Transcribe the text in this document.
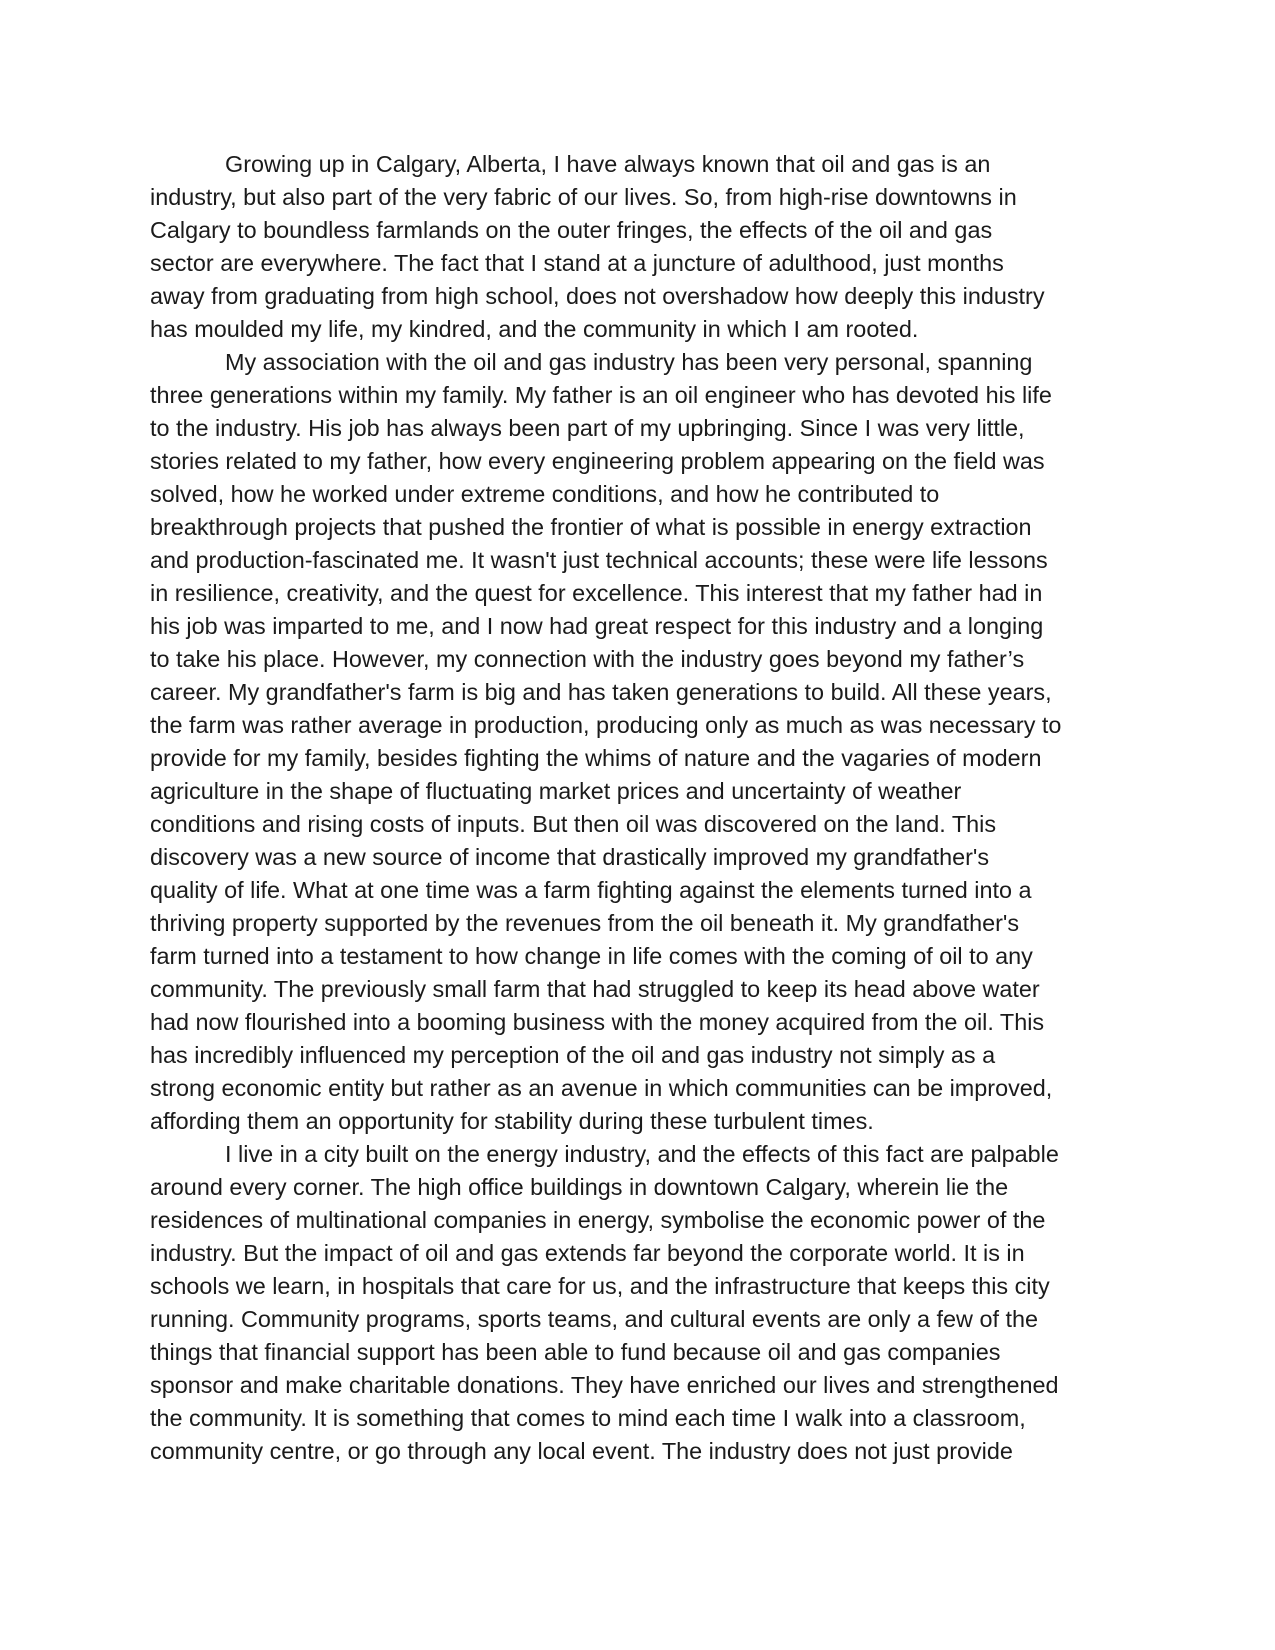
Growing up in Calgary, Alberta, I have always known that oil and gas is an
industry, but also part of the very fabric of our lives. So, from high-rise downtowns in
Calgary to boundless farmlands on the outer fringes, the effects of the oil and gas
sector are everywhere. The fact that I stand at a juncture of adulthood, just months
away from graduating from high school, does not overshadow how deeply this industry
has moulded my life, my kindred, and the community in which I am rooted.
My association with the oil and gas industry has been very personal, spanning
three generations within my family. My father is an oil engineer who has devoted his life
to the industry. His job has always been part of my upbringing. Since I was very little,
stories related to my father, how every engineering problem appearing on the field was
solved, how he worked under extreme conditions, and how he contributed to
breakthrough projects that pushed the frontier of what is possible in energy extraction
and production-fascinated me. It wasn't just technical accounts; these were life lessons
in resilience, creativity, and the quest for excellence. This interest that my father had in
his job was imparted to me, and I now had great respect for this industry and a longing
to take his place. However, my connection with the industry goes beyond my father’s
career. My grandfather's farm is big and has taken generations to build. All these years,
the farm was rather average in production, producing only as much as was necessary to
provide for my family, besides fighting the whims of nature and the vagaries of modern
agriculture in the shape of fluctuating market prices and uncertainty of weather
conditions and rising costs of inputs. But then oil was discovered on the land. This
discovery was a new source of income that drastically improved my grandfather's
quality of life. What at one time was a farm fighting against the elements turned into a
thriving property supported by the revenues from the oil beneath it. My grandfather's
farm turned into a testament to how change in life comes with the coming of oil to any
community. The previously small farm that had struggled to keep its head above water
had now flourished into a booming business with the money acquired from the oil. This
has incredibly influenced my perception of the oil and gas industry not simply as a
strong economic entity but rather as an avenue in which communities can be improved,
affording them an opportunity for stability during these turbulent times.
I live in a city built on the energy industry, and the effects of this fact are palpable
around every corner. The high office buildings in downtown Calgary, wherein lie the
residences of multinational companies in energy, symbolise the economic power of the
industry. But the impact of oil and gas extends far beyond the corporate world. It is in
schools we learn, in hospitals that care for us, and the infrastructure that keeps this city
running. Community programs, sports teams, and cultural events are only a few of the
things that financial support has been able to fund because oil and gas companies
sponsor and make charitable donations. They have enriched our lives and strengthened
the community. It is something that comes to mind each time I walk into a classroom,
community centre, or go through any local event. The industry does not just provide
